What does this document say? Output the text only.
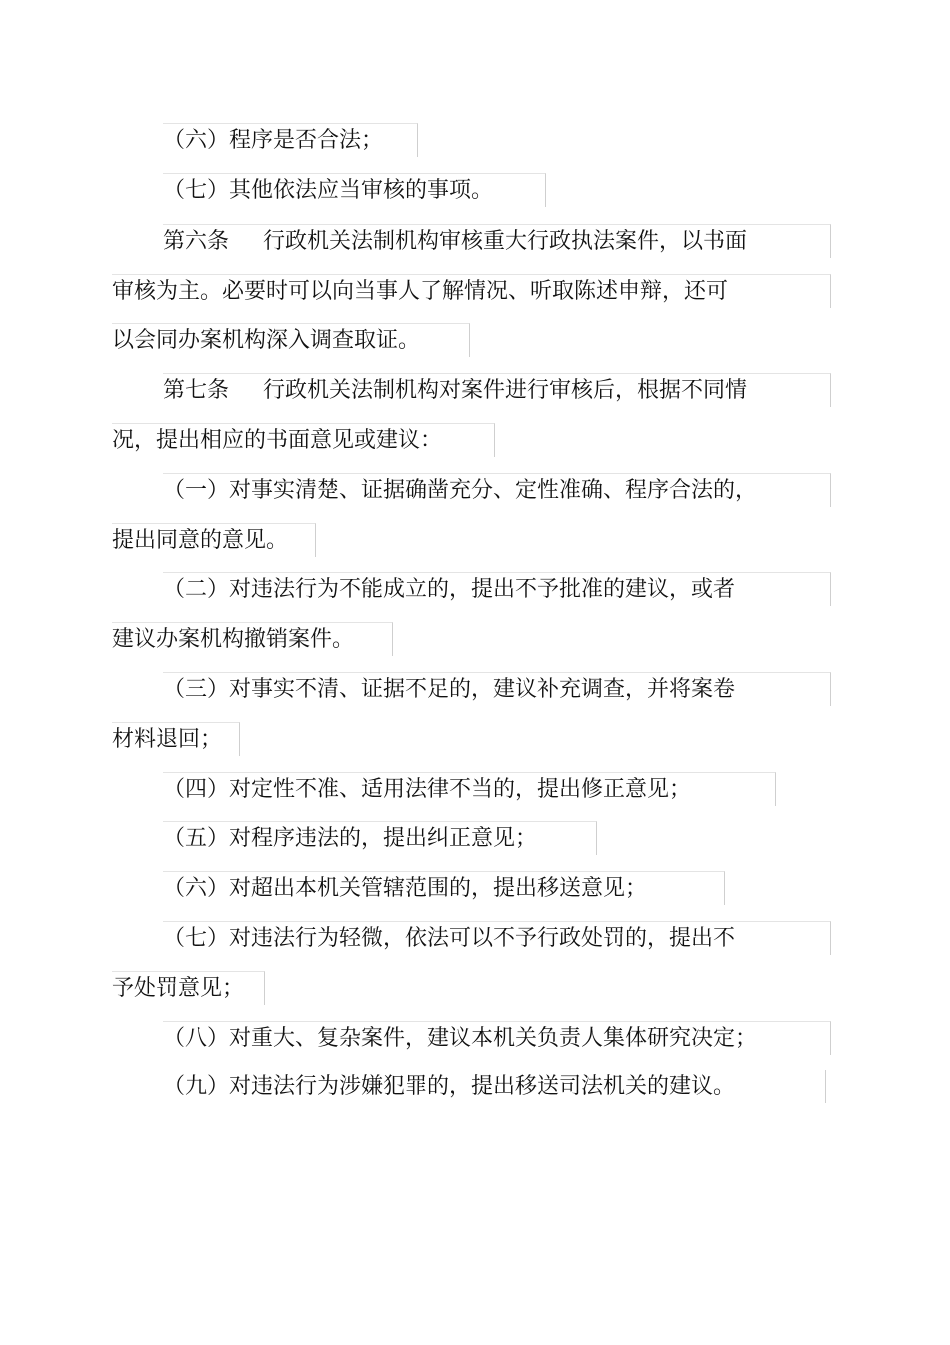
（六）程序是否合法；
（七）其他依法应当审核的事项。
第六条 行政机关法制机构审核重大行政执法案件，以书面
审核为主。必要时可以向当事人了解情况、听取陈述申辩，还可
以会同办案机构深入调查取证。
第七条 行政机关法制机构对案件进行审核后，根据不同情
况，提出相应的书面意见或建议：
（一）对事实清楚、证据确凿充分、定性准确、程序合法的，
提出同意的意见。
（二）对违法行为不能成立的，提出不予批准的建议，或者
建议办案机构撤销案件。
（三）对事实不清、证据不足的，建议补充调查，并将案卷
材料退回；
（四）对定性不准、适用法律不当的，提出修正意见；
（五）对程序违法的，提出纠正意见；
（六）对超出本机关管辖范围的，提出移送意见；
（七）对违法行为轻微，依法可以不予行政处罚的，提出不
予处罚意见；
（八）对重大、复杂案件，建议本机关负责人集体研究决定；
（九）对违法行为涉嫌犯罪的，提出移送司法机关的建议。
